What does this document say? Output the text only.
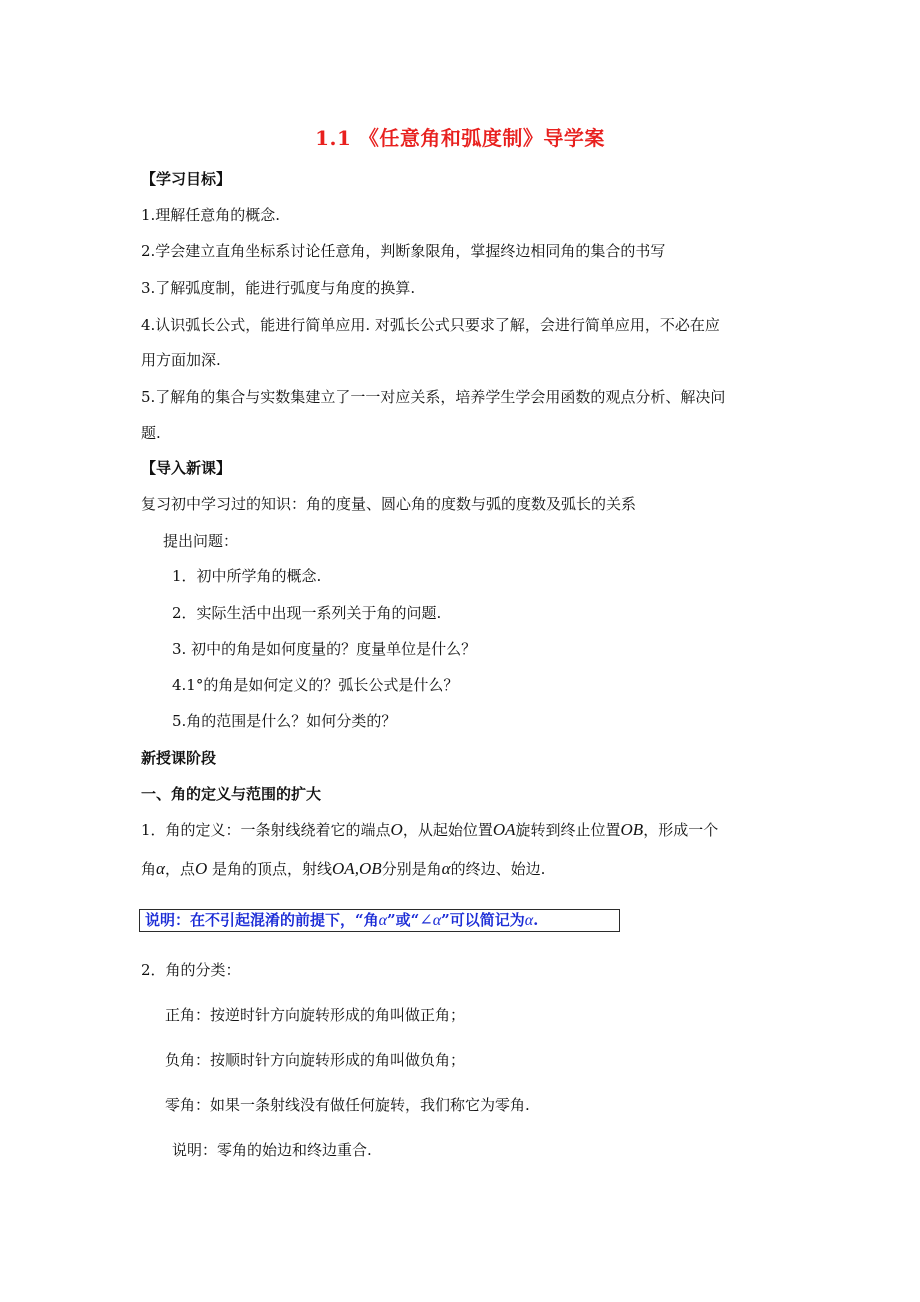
1.1 《任意角和弧度制》导学案
【学习目标】
1.理解任意角的概念.
2.学会建立直角坐标系讨论任意角，判断象限角，掌握终边相同角的集合的书写
3.了解弧度制，能进行弧度与角度的换算.
4.认识弧长公式，能进行简单应用. 对弧长公式只要求了解，会进行简单应用，不必在应
用方面加深.
5.了解角的集合与实数集建立了一一对应关系，培养学生学会用函数的观点分析、解决问
题.
【导入新课】
复习初中学习过的知识：角的度量、圆心角的度数与弧的度数及弧长的关系
提出问题：
1．初中所学角的概念.
2．实际生活中出现一系列关于角的问题.
3. 初中的角是如何度量的？度量单位是什么？
4.1°的角是如何定义的？弧长公式是什么？
5.角的范围是什么？如何分类的？
新授课阶段
一、角的定义与范围的扩大
1．角的定义：一条射线绕着它的端点O，从起始位置OA旋转到终止位置OB，形成一个
角α，点O 是角的顶点，射线OA,OB分别是角α的终边、始边.
说明：在不引起混淆的前提下，“角α”或“∠α”可以简记为α.
2．角的分类：
正角：按逆时针方向旋转形成的角叫做正角；
负角：按顺时针方向旋转形成的角叫做负角；
零角：如果一条射线没有做任何旋转，我们称它为零角.
说明：零角的始边和终边重合.
